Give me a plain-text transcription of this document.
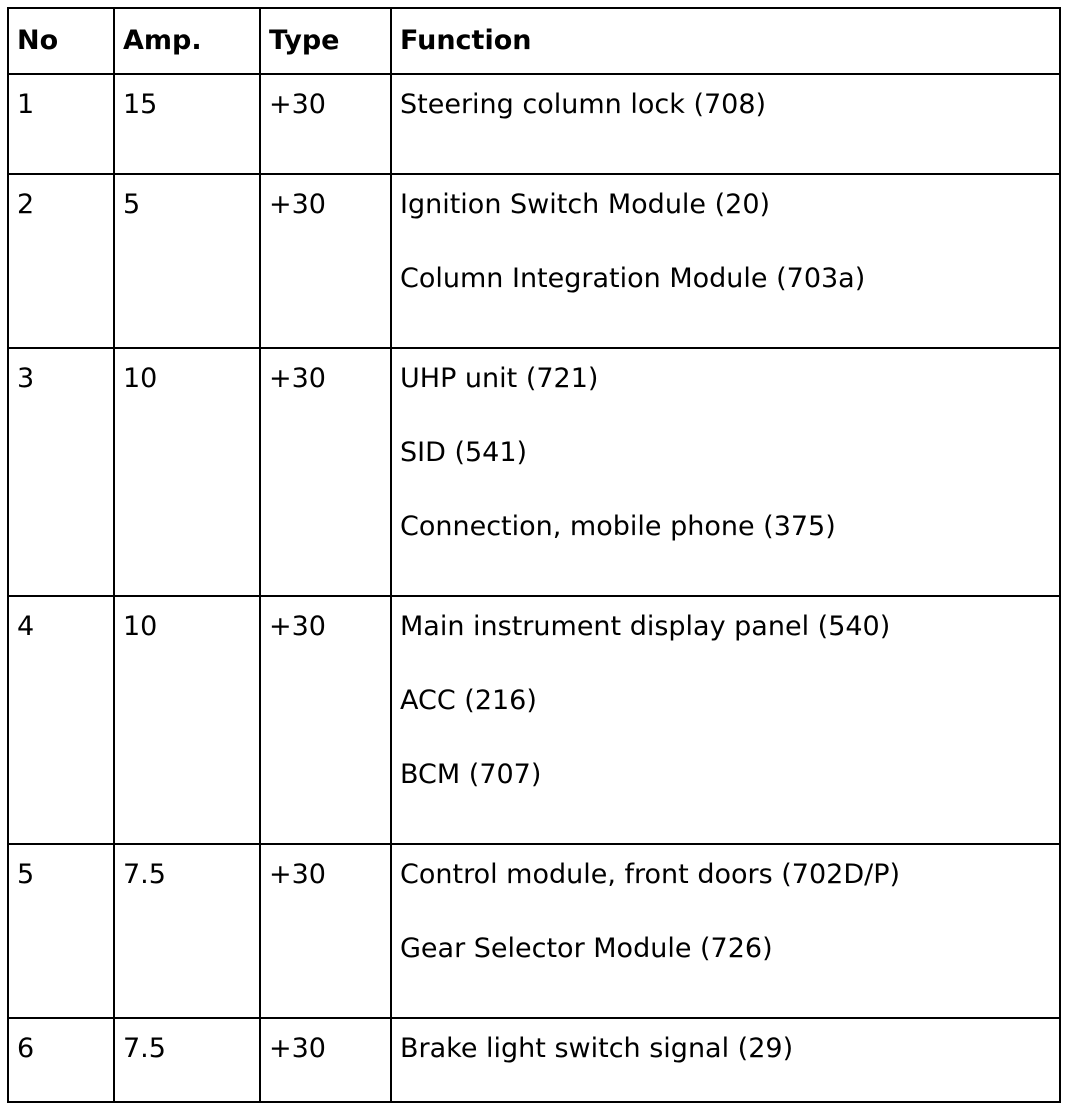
No	Amp.	Type	Function

1	15	+30	Steering column lock (708)

2	5	+30	Ignition Switch Module (20)
Column Integration Module (703a)

3	10	+30	UHP unit (721)
SID (541)
Connection, mobile phone (375)

4	10	+30	Main instrument display panel (540)
ACC (216)
BCM (707)

5	7.5	+30	Control module, front doors (702D/P)
Gear Selector Module (726)

6	7.5	+30	Brake light switch signal (29)
